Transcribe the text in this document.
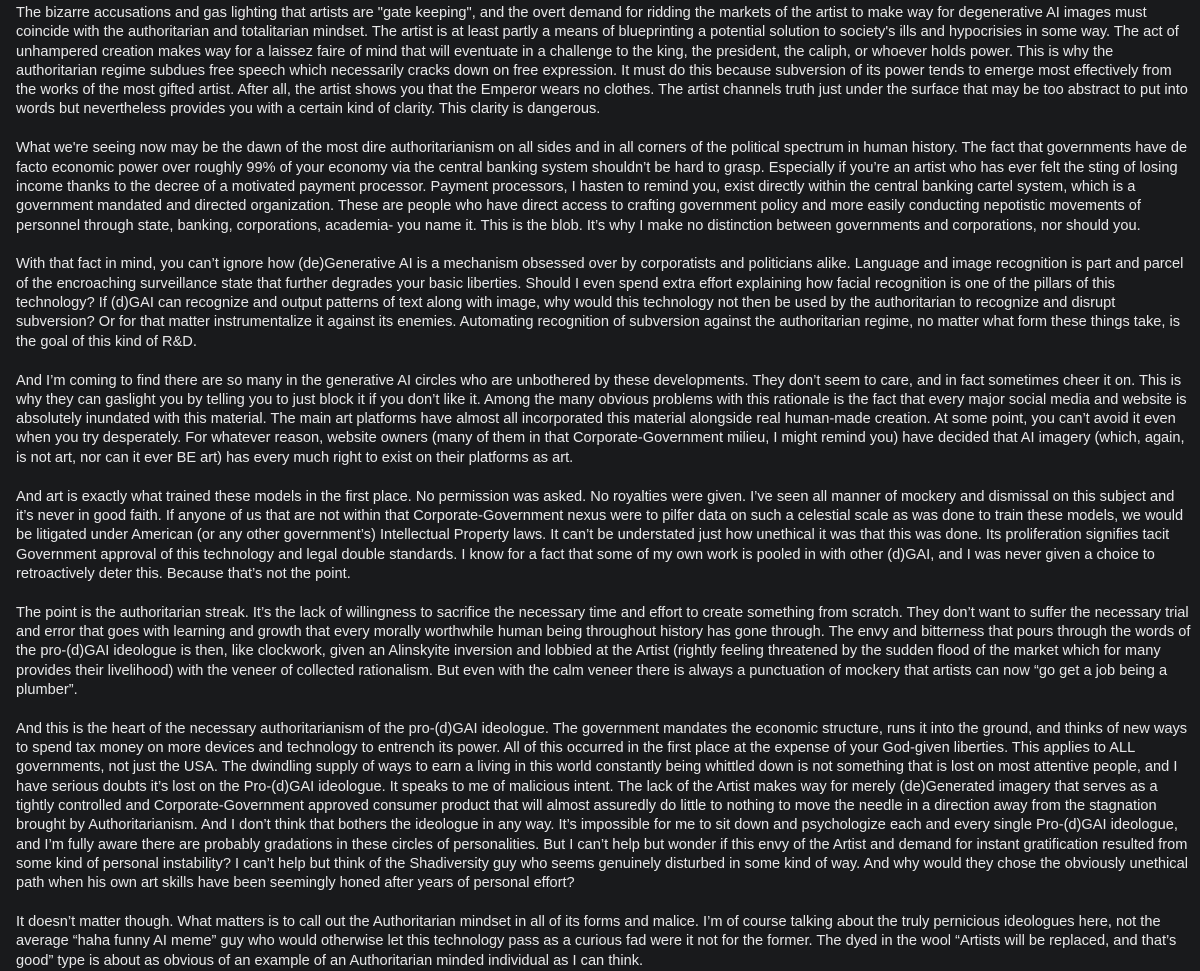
The bizarre accusations and gas lighting that artists are "gate keeping", and the overt demand for ridding the markets of the artist to make way for degenerative AI images must coincide with the authoritarian and totalitarian mindset. The artist is at least partly a means of blueprinting a potential solution to society's ills and hypocrisies in some way. The act of unhampered creation makes way for a laissez faire of mind that will eventuate in a challenge to the king, the president, the caliph, or whoever holds power. This is why the authoritarian regime subdues free speech which necessarily cracks down on free expression. It must do this because subversion of its power tends to emerge most effectively from the works of the most gifted artist. After all, the artist shows you that the Emperor wears no clothes. The artist channels truth just under the surface that may be too abstract to put into words but nevertheless provides you with a certain kind of clarity. This clarity is dangerous.

What we're seeing now may be the dawn of the most dire authoritarianism on all sides and in all corners of the political spectrum in human history. The fact that governments have de facto economic power over roughly 99% of your economy via the central banking system shouldn’t be hard to grasp. Especially if you’re an artist who has ever felt the sting of losing income thanks to the decree of a motivated payment processor. Payment processors, I hasten to remind you, exist directly within the central banking cartel system, which is a government mandated and directed organization. These are people who have direct access to crafting government policy and more easily conducting nepotistic movements of personnel through state, banking, corporations, academia- you name it. This is the blob. It’s why I make no distinction between governments and corporations, nor should you.

With that fact in mind, you can’t ignore how (de)Generative AI is a mechanism obsessed over by corporatists and politicians alike. Language and image recognition is part and parcel of the encroaching surveillance state that further degrades your basic liberties. Should I even spend extra effort explaining how facial recognition is one of the pillars of this technology? If (d)GAI can recognize and output patterns of text along with image, why would this technology not then be used by the authoritarian to recognize and disrupt subversion? Or for that matter instrumentalize it against its enemies. Automating recognition of subversion against the authoritarian regime, no matter what form these things take, is the goal of this kind of R&D.

And I’m coming to find there are so many in the generative AI circles who are unbothered by these developments. They don’t seem to care, and in fact sometimes cheer it on. This is why they can gaslight you by telling you to just block it if you don’t like it. Among the many obvious problems with this rationale is the fact that every major social media and website is absolutely inundated with this material. The main art platforms have almost all incorporated this material alongside real human-made creation. At some point, you can’t avoid it even when you try desperately. For whatever reason, website owners (many of them in that Corporate-Government milieu, I might remind you) have decided that AI imagery (which, again, is not art, nor can it ever BE art) has every much right to exist on their platforms as art.

And art is exactly what trained these models in the first place. No permission was asked. No royalties were given. I’ve seen all manner of mockery and dismissal on this subject and it’s never in good faith. If anyone of us that are not within that Corporate-Government nexus were to pilfer data on such a celestial scale as was done to train these models, we would be litigated under American (or any other government’s) Intellectual Property laws. It can’t be understated just how unethical it was that this was done. Its proliferation signifies tacit Government approval of this technology and legal double standards. I know for a fact that some of my own work is pooled in with other (d)GAI, and I was never given a choice to retroactively deter this. Because that’s not the point.

The point is the authoritarian streak. It’s the lack of willingness to sacrifice the necessary time and effort to create something from scratch. They don’t want to suffer the necessary trial and error that goes with learning and growth that every morally worthwhile human being throughout history has gone through. The envy and bitterness that pours through the words of the pro-(d)GAI ideologue is then, like clockwork, given an Alinskyite inversion and lobbied at the Artist (rightly feeling threatened by the sudden flood of the market which for many provides their livelihood) with the veneer of collected rationalism. But even with the calm veneer there is always a punctuation of mockery that artists can now “go get a job being a plumber”.

And this is the heart of the necessary authoritarianism of the pro-(d)GAI ideologue. The government mandates the economic structure, runs it into the ground, and thinks of new ways to spend tax money on more devices and technology to entrench its power. All of this occurred in the first place at the expense of your God-given liberties. This applies to ALL governments, not just the USA. The dwindling supply of ways to earn a living in this world constantly being whittled down is not something that is lost on most attentive people, and I have serious doubts it’s lost on the Pro-(d)GAI ideologue. It speaks to me of malicious intent. The lack of the Artist makes way for merely (de)Generated imagery that serves as a tightly controlled and Corporate-Government approved consumer product that will almost assuredly do little to nothing to move the needle in a direction away from the stagnation brought by Authoritarianism. And I don’t think that bothers the ideologue in any way. It’s impossible for me to sit down and psychologize each and every single Pro-(d)GAI ideologue, and I’m fully aware there are probably gradations in these circles of personalities. But I can’t help but wonder if this envy of the Artist and demand for instant gratification resulted from some kind of personal instability? I can’t help but think of the Shadiversity guy who seems genuinely disturbed in some kind of way. And why would they chose the obviously unethical path when his own art skills have been seemingly honed after years of personal effort?

It doesn’t matter though. What matters is to call out the Authoritarian mindset in all of its forms and malice. I’m of course talking about the truly pernicious ideologues here, not the average “haha funny AI meme” guy who would otherwise let this technology pass as a curious fad were it not for the former. The dyed in the wool “Artists will be replaced, and that’s good” type is about as obvious of an example of an Authoritarian minded individual as I can think.
